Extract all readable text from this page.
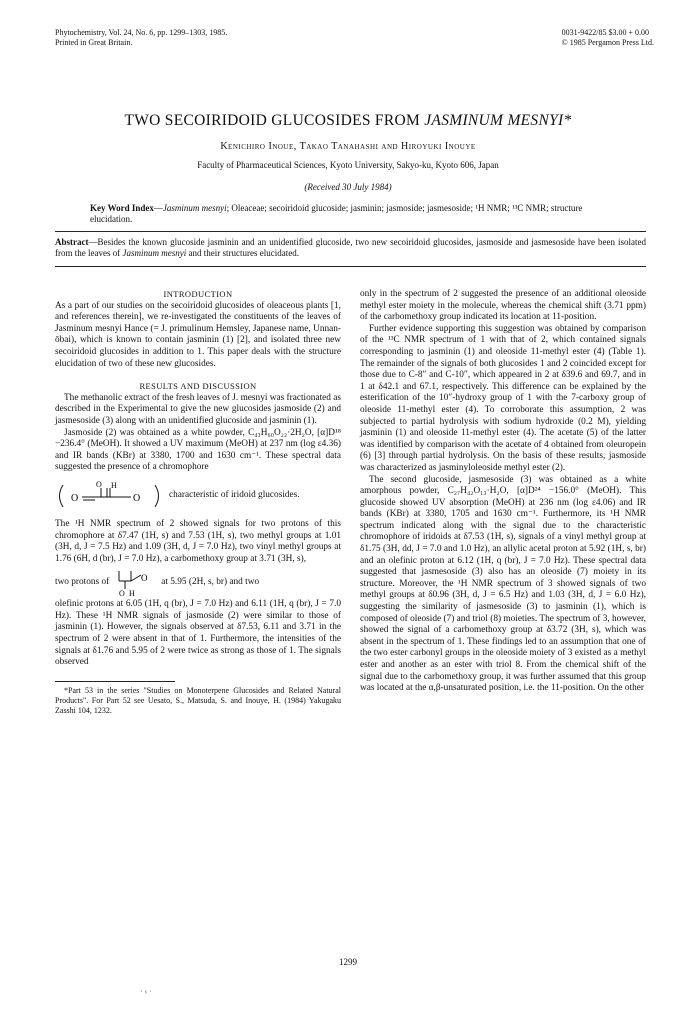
Phytochemistry, Vol. 24, No. 6, pp. 1299–1303, 1985.
Printed in Great Britain.
0031-9422/85 $3.00 + 0.00
© 1985 Pergamon Press Ltd.
TWO SECOIRIDOID GLUCOSIDES FROM JASMINUM MESNYI*
Kenichiro Inoue, Takao Tanahashi and Hiroyuki Inouye
Faculty of Pharmaceutical Sciences, Kyoto University, Sakyo-ku, Kyoto 606, Japan
(Received 30 July 1984)
Key Word Index—Jasminum mesnyi; Oleaceae; secoiridoid glucoside; jasminin; jasmoside; jasmesoside; ¹H NMR; ¹³C NMR; structure elucidation.
Abstract—Besides the known glucoside jasminin and an unidentified glucoside, two new secoiridoid glucosides, jasmoside and jasmesoside have been isolated from the leaves of Jasminum mesnyi and their structures elucidated.

INTRODUCTION

As a part of our studies on the secoiridoid glucosides of oleaceous plants [1, and references therein], we re-investigated the constituents of the leaves of Jasminum mesnyi Hance (= J. primulinum Hemsley, Japanese name, Unnan-ōbai), which is known to contain jasminin (1) [2], and isolated three new secoiridoid glucosides in addition to 1. This paper deals with the structure elucidation of two of these new glucosides.

RESULTS AND DISCUSSION

The methanolic extract of the fresh leaves of J. mesnyi was fractionated as described in the Experimental to give the new glucosides jasmoside (2) and jasmesoside (3) along with an unidentified glucoside and jasminin (1).

Jasmoside (2) was obtained as a white powder, C₄₃H₆₀O₂₂·2H₂O, [α]D¹⁸ −236.4° (MeOH). It showed a UV maximum (MeOH) at 237 nm (log ε4.36) and IR bands (KBr) at 3380, 1700 and 1630 cm⁻¹. These spectral data suggested the presence of a chromophore

O
O H
O	characteristic of iridoid glucosides.

The ¹H NMR spectrum of 2 showed signals for two protons of this chromophore at δ7.47 (1H, s) and 7.53 (1H, s), two methyl groups at 1.01 (3H, d, J = 7.5 Hz) and 1.09 (3H, d, J = 7.0 Hz), two vinyl methyl groups at 1.76 (6H, d (br), J = 7.0 Hz), a carbomethoxy group at 3.71 (3H, s),

two protons of	O
O H
at 5.95 (2H, s, br) and two

olefinic protons at 6.05 (1H, q (br), J = 7.0 Hz) and 6.11 (1H, q (br), J = 7.0 Hz). These ¹H NMR signals of jasmoside (2) were similar to those of jasminin (1). However, the signals observed at δ7.53, 6.11 and 3.71 in the spectrum of 2 were absent in that of 1. Furthermore, the intensities of the signals at δ1.76 and 5.95 of 2 were twice as strong as those of 1. The signals observed

*Part 53 in the series "Studies on Monoterpene Glucosides and Related Natural Products". For Part 52 see Uesato, S., Matsuda, S. and Inouye, H. (1984) Yakugaku Zasshi 104, 1232.

only in the spectrum of 2 suggested the presence of an additional oleoside methyl ester moiety in the molecule, whereas the chemical shift (3.71 ppm) of the carbomethoxy group indicated its location at 11-position.

Further evidence supporting this suggestion was obtained by comparison of the ¹³C NMR spectrum of 1 with that of 2, which contained signals corresponding to jasminin (1) and oleoside 11-methyl ester (4) (Table 1). The remainder of the signals of both glucosides 1 and 2 coincided except for those due to C-8″ and C-10″, which appeared in 2 at δ39.6 and 69.7, and in 1 at δ42.1 and 67.1, respectively. This difference can be explained by the esterification of the 10″-hydroxy group of 1 with the 7-carboxy group of oleoside 11-methyl ester (4). To corroborate this assumption, 2 was subjected to partial hydrolysis with sodium hydroxide (0.2 M), yielding jasminin (1) and oleoside 11-methyl ester (4). The acetate (5) of the latter was identified by comparison with the acetate of 4 obtained from oleuropein (6) [3] through partial hydrolysis. On the basis of these results, jasmoside was characterized as jasminyloleoside methyl ester (2).

The second glucoside, jasmesoside (3) was obtained as a white amorphous powder, C₂₇H₄₂O₁₃·H₂O, [α]D²⁴ −156.0° (MeOH). This glucoside showed UV absorption (MeOH) at 236 nm (log ε4.06) and IR bands (KBr) at 3380, 1705 and 1630 cm⁻¹. Furthermore, its ¹H NMR spectrum indicated along with the signal due to the characteristic chromophore of iridoids at δ7.53 (1H, s), signals of a vinyl methyl group at δ1.75 (3H, dd, J = 7.0 and 1.0 Hz), an allylic acetal proton at 5.92 (1H, s, br) and an olefinic proton at 6.12 (1H, q (br), J = 7.0 Hz). These spectral data suggested that jasmesoside (3) also has an oleoside (7) moiety in its structure. Moreover, the ¹H NMR spectrum of 3 showed signals of two methyl groups at δ0.96 (3H, d, J = 6.5 Hz) and 1.03 (3H, d, J = 6.0 Hz), suggesting the similarity of jasmesoside (3) to jasminin (1), which is composed of oleoside (7) and triol (8) moieties. The spectrum of 3, however, showed the signal of a carbomethoxy group at δ3.72 (3H, s), which was absent in the spectrum of 1. These findings led to an assumption that one of the two ester carbonyl groups in the oleoside moiety of 3 existed as a methyl ester and another as an ester with triol 8. From the chemical shift of the signal due to the carbomethoxy group, it was further assumed that this group was located at the α,β-unsaturated position, i.e. the 11-position. On the other

1299
· ‹ ·
